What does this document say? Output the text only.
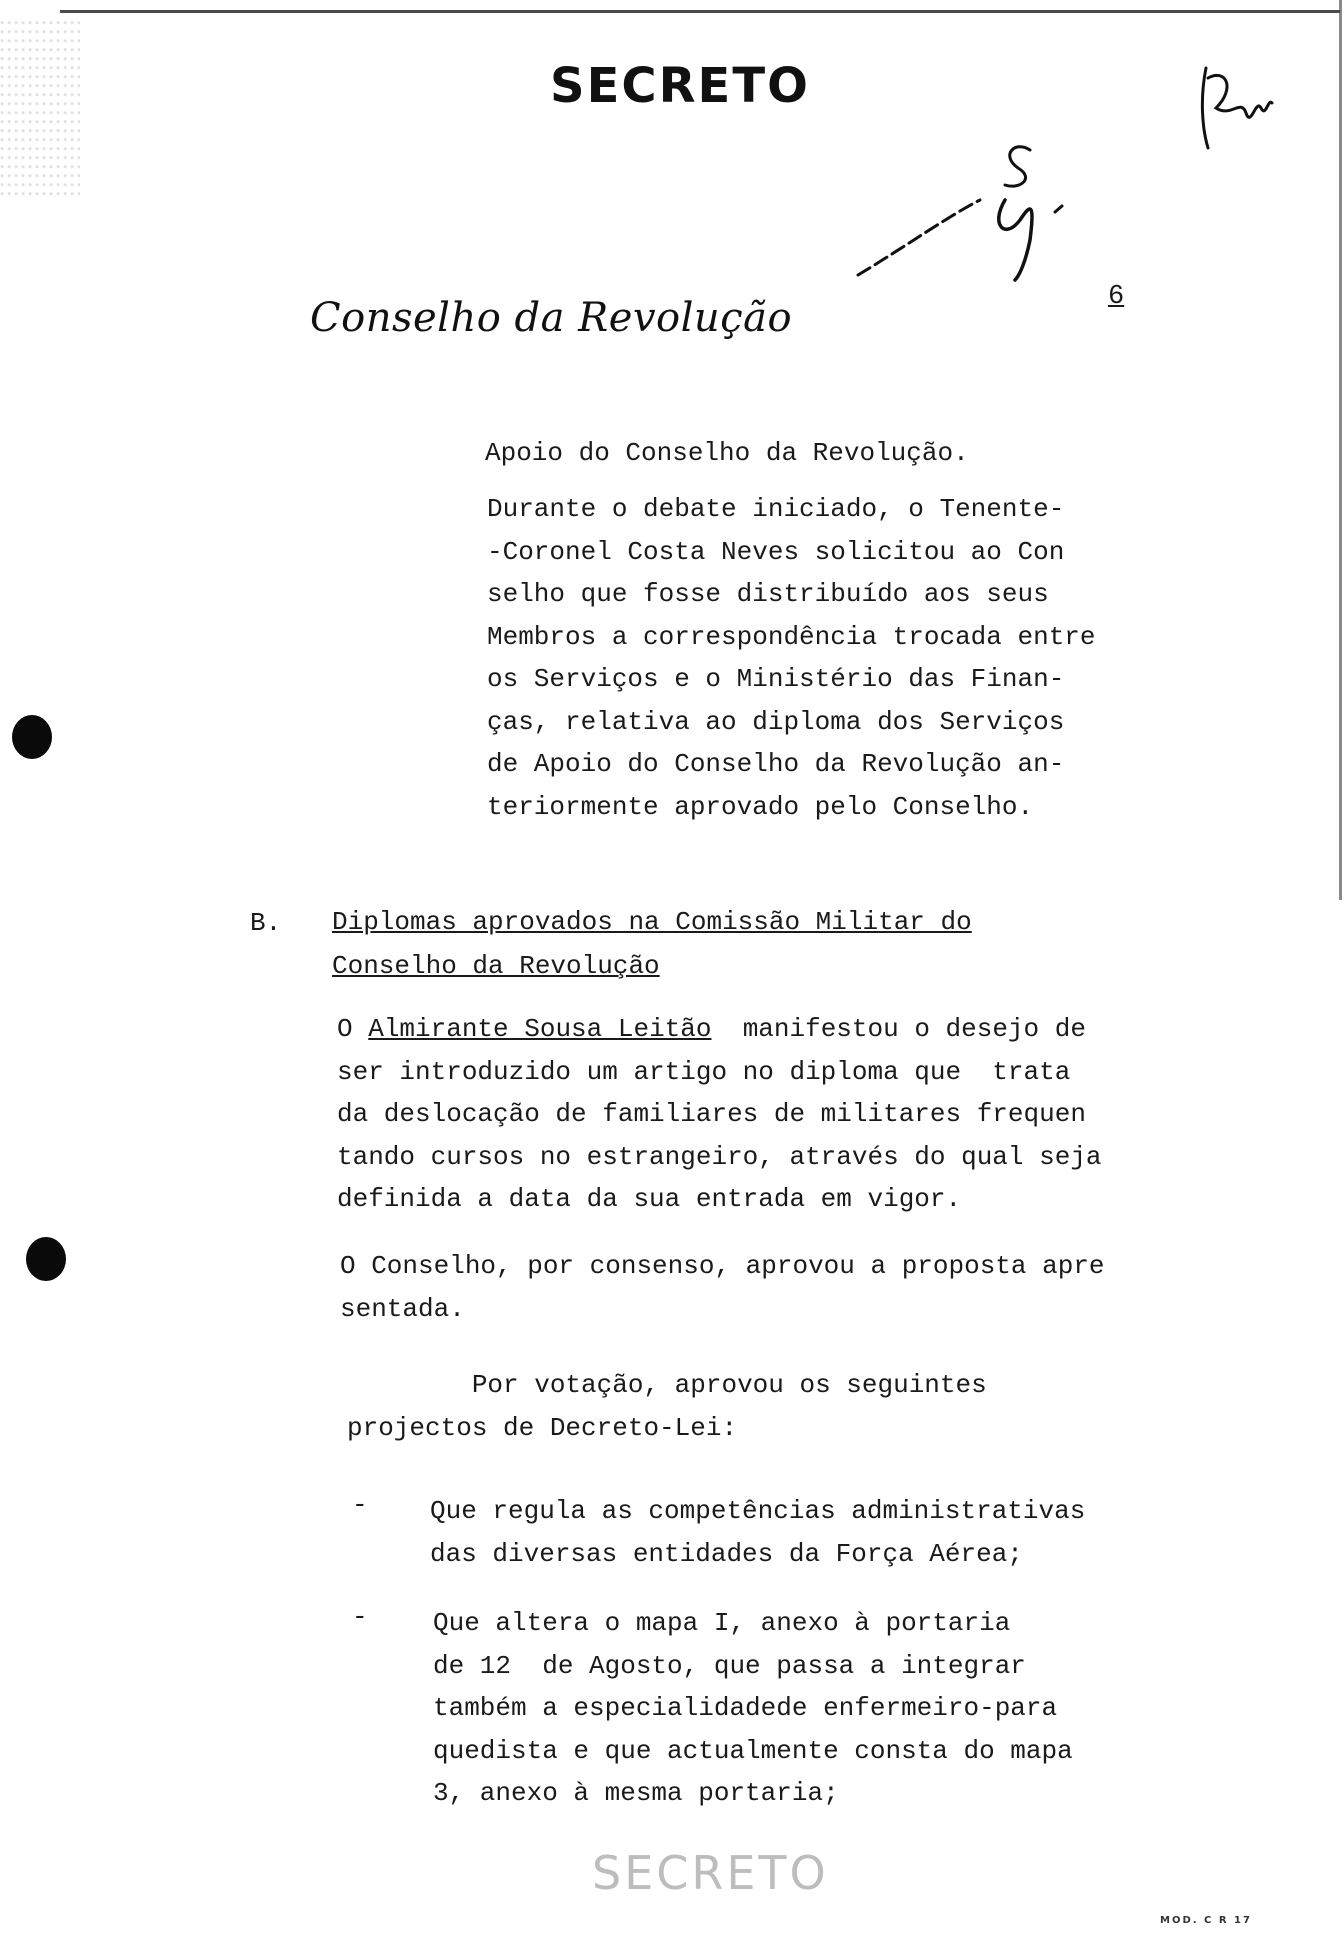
SECRETO
Conselho da Revolução	6
Apoio do Conselho da Revolução.
Durante o debate iniciado, o Tenente-
-Coronel Costa Neves solicitou ao Con
selho que fosse distribuído aos seus
Membros a correspondência trocada entre
os Serviços e o Ministério das Finan-
ças, relativa ao diploma dos Serviços
de Apoio do Conselho da Revolução an-
teriormente aprovado pelo Conselho.
B. Diplomas aprovados na Comissão Militar do Conselho da Revolução
O Almirante Sousa Leitão  manifestou o desejo de
ser introduzido um artigo no diploma que  trata
da deslocação de familiares de militares frequen
tando cursos no estrangeiro, através do qual seja
definida a data da sua entrada em vigor.
O Conselho, por consenso, aprovou a proposta apre
sentada.
Por votação, aprovou os seguintes
projectos de Decreto-Lei:
- Que regula as competências administrativas
das diversas entidades da Força Aérea;
-	Que altera o mapa I, anexo à portaria
de 12  de Agosto, que passa a integrar
também a especialidadede enfermeiro-para
quedista e que actualmente consta do mapa
3, anexo à mesma portaria;
SECRETO
MOD. C R 17
